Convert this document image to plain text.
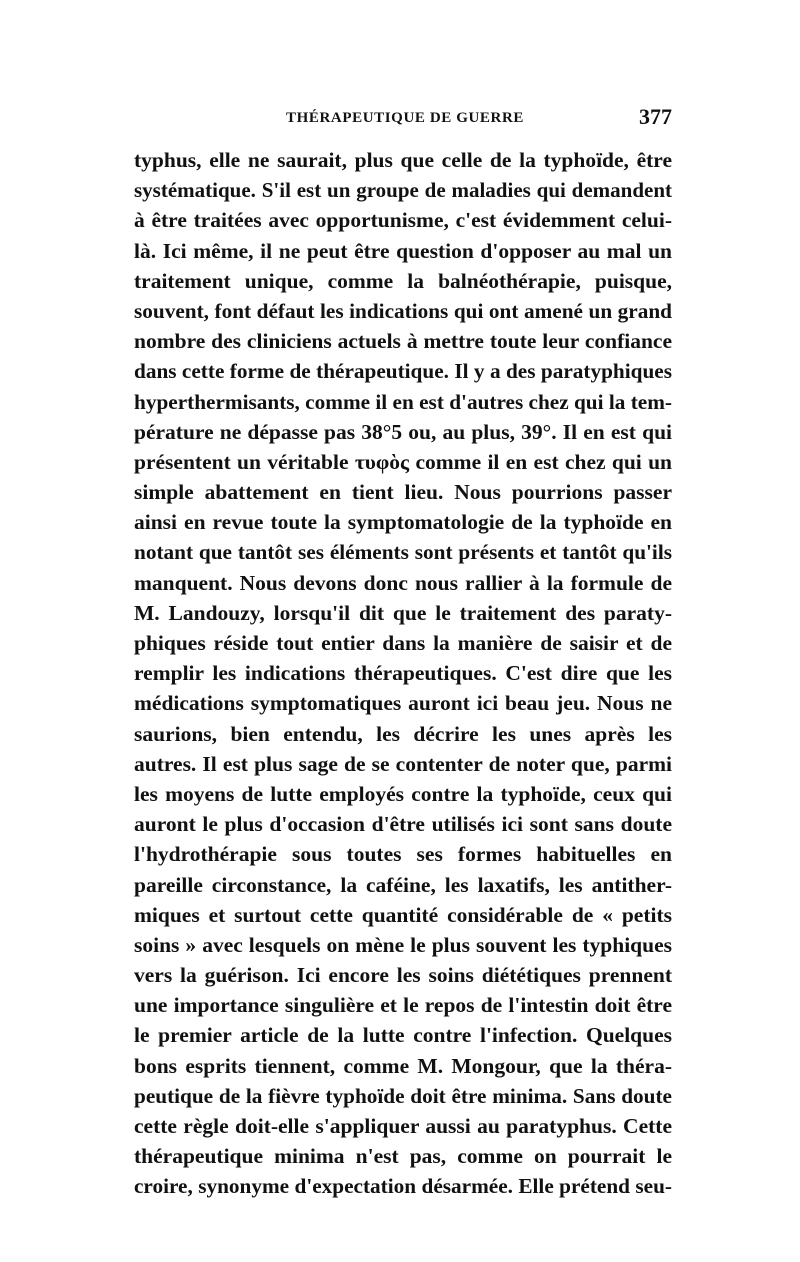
THÉRAPEUTIQUE DE GUERRE	377
typhus, elle ne saurait, plus que celle de la typhoïde, être
systématique. S'il est un groupe de maladies qui demandent
à être traitées avec opportunisme, c'est évidemment celui-
là. Ici même, il ne peut être question d'opposer au mal un
traitement unique, comme la balnéothérapie, puisque,
souvent, font défaut les indications qui ont amené un grand
nombre des cliniciens actuels à mettre toute leur confiance
dans cette forme de thérapeutique. Il y a des paratyphiques
hyperthermisants, comme il en est d'autres chez qui la tem-
pérature ne dépasse pas 38°5 ou, au plus, 39°. Il en est qui
présentent un véritable τυφὸς comme il en est chez qui un
simple abattement en tient lieu. Nous pourrions passer
ainsi en revue toute la symptomatologie de la typhoïde en
notant que tantôt ses éléments sont présents et tantôt qu'ils
manquent. Nous devons donc nous rallier à la formule de
M. Landouzy, lorsqu'il dit que le traitement des paraty-
phiques réside tout entier dans la manière de saisir et de
remplir les indications thérapeutiques. C'est dire que les
médications symptomatiques auront ici beau jeu. Nous ne
saurions, bien entendu, les décrire les unes après les
autres. Il est plus sage de se contenter de noter que, parmi
les moyens de lutte employés contre la typhoïde, ceux qui
auront le plus d'occasion d'être utilisés ici sont sans doute
l'hydrothérapie sous toutes ses formes habituelles en
pareille circonstance, la caféine, les laxatifs, les antither-
miques et surtout cette quantité considérable de « petits
soins » avec lesquels on mène le plus souvent les typhiques
vers la guérison. Ici encore les soins diététiques prennent
une importance singulière et le repos de l'intestin doit être
le premier article de la lutte contre l'infection. Quelques
bons esprits tiennent, comme M. Mongour, que la théra-
peutique de la fièvre typhoïde doit être minima. Sans doute
cette règle doit-elle s'appliquer aussi au paratyphus. Cette
thérapeutique minima n'est pas, comme on pourrait le
croire, synonyme d'expectation désarmée. Elle prétend seu-
